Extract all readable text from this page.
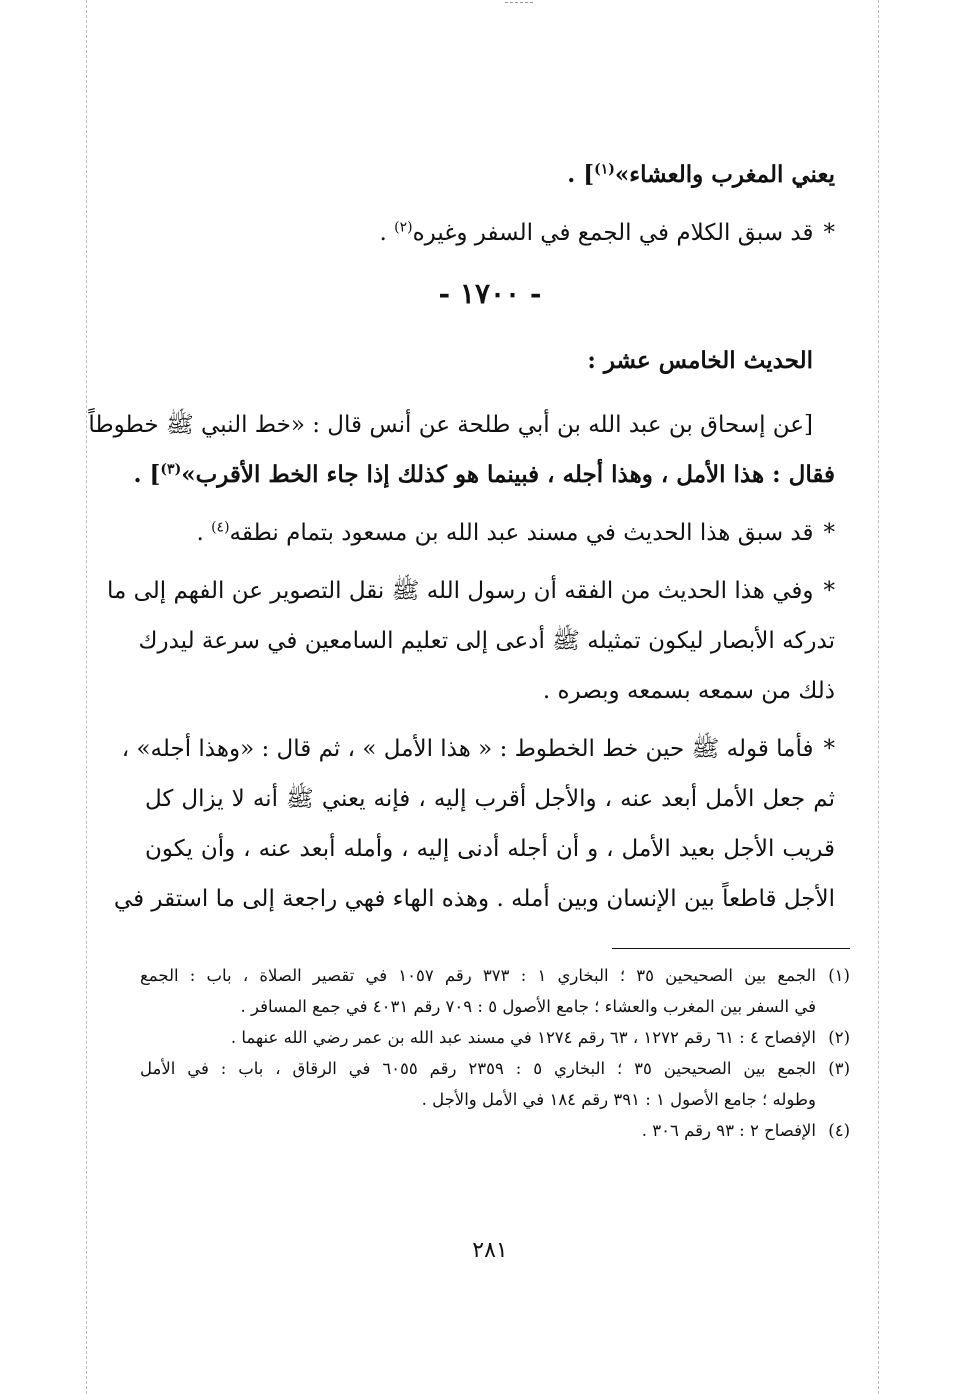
يعني المغرب والعشاء»$^{(١)}$] .
*قد سبق الكلام في الجمع في السفر وغيره$^{(٢)}$ .
- ١٧٠٠ -
الحديث الخامس عشر :
[عن إسحاق بن عبد الله بن أبي طلحة عن أنس قال : «خط النبي ﷺ خطوطاً
فقال : هذا الأمل ، وهذا أجله ، فبينما هو كذلك إذا جاء الخط الأقرب»$^{(٣)}$] .
*قد سبق هذا الحديث في مسند عبد الله بن مسعود بتمام نطقه$^{(٤)}$ .
*وفي هذا الحديث من الفقه أن رسول الله ﷺ نقل التصوير عن الفهم إلى ما
تدركه الأبصار ليكون تمثيله ﷺ أدعى إلى تعليم السامعين في سرعة ليدرك
ذلك من سمعه بسمعه وبصره .
*فأما قوله ﷺ حين خط الخطوط : « هذا الأمل » ، ثم قال : «وهذا أجله» ،
ثم جعل الأمل أبعد عنه ، والأجل أقرب إليه ، فإنه يعني ﷺ أنه لا يزال كل
قريب الأجل بعيد الأمل ، و أن أجله أدنى إليه ، وأمله أبعد عنه ، وأن يكون
الأجل قاطعاً بين الإنسان وبين أمله . وهذه الهاء فهي راجعة إلى ما استقر في
(١)الجمع بين الصحيحين ٣٥ ؛ البخاري ١ : ٣٧٣ رقم ١٠٥٧ في تقصير الصلاة ، باب : الجمع
في السفر بين المغرب والعشاء ؛ جامع الأصول ٥ : ٧٠٩ رقم ٤٠٣١ في جمع المسافر .
(٢)الإفصاح ٤ : ٦١ رقم ١٢٧٢ ، ٦٣ رقم ١٢٧٤ في مسند عبد الله بن عمر رضي الله عنهما .
(٣)الجمع بين الصحيحين ٣٥ ؛ البخاري ٥ : ٢٣٥٩ رقم ٦٠٥٥ في الرقاق ، باب : في الأمل
وطوله ؛ جامع الأصول ١ : ٣٩١ رقم ١٨٤ في الأمل والأجل .
(٤)الإفصاح ٢ : ٩٣ رقم ٣٠٦ .
٢٨١
